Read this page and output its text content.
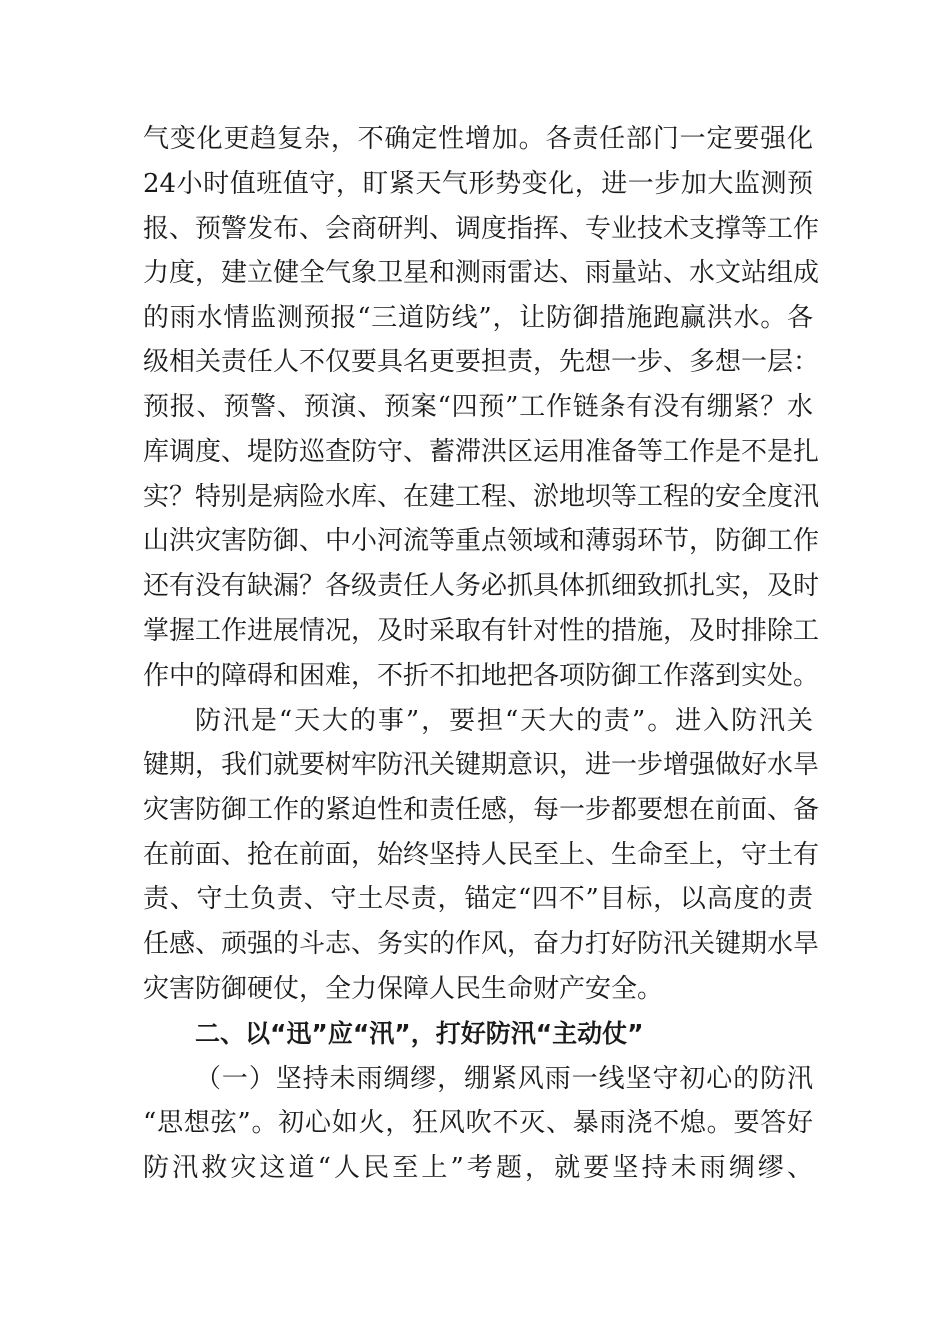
气变化更趋复杂，不确定性增加。各责任部门一定要强化
24小时值班值守，盯紧天气形势变化，进一步加大监测预
报、预警发布、会商研判、调度指挥、专业技术支撑等工作
力度，建立健全气象卫星和测雨雷达、雨量站、水文站组成
的雨水情监测预报“三道防线”，让防御措施跑赢洪水。各
级相关责任人不仅要具名更要担责，先想一步、多想一层：
预报、预警、预演、预案“四预”工作链条有没有绷紧？水
库调度、堤防巡查防守、蓄滞洪区运用准备等工作是不是扎
实？特别是病险水库、在建工程、淤地坝等工程的安全度汛
山洪灾害防御、中小河流等重点领域和薄弱环节，防御工作
还有没有缺漏？各级责任人务必抓具体抓细致抓扎实，及时
掌握工作进展情况，及时采取有针对性的措施，及时排除工
作中的障碍和困难，不折不扣地把各项防御工作落到实处。
防汛是“天大的事”，要担“天大的责”。进入防汛关
键期，我们就要树牢防汛关键期意识，进一步增强做好水旱
灾害防御工作的紧迫性和责任感，每一步都要想在前面、备
在前面、抢在前面，始终坚持人民至上、生命至上，守土有
责、守土负责、守土尽责，锚定“四不”目标，以高度的责
任感、顽强的斗志、务实的作风，奋力打好防汛关键期水旱
灾害防御硬仗，全力保障人民生命财产安全。
二、以“迅”应“汛”，打好防汛“主动仗”
（一）坚持未雨绸缪，绷紧风雨一线坚守初心的防汛
“思想弦”。初心如火，狂风吹不灭、暴雨浇不熄。要答好
防汛救灾这道“人民至上”考题，就要坚持未雨绸缪、
